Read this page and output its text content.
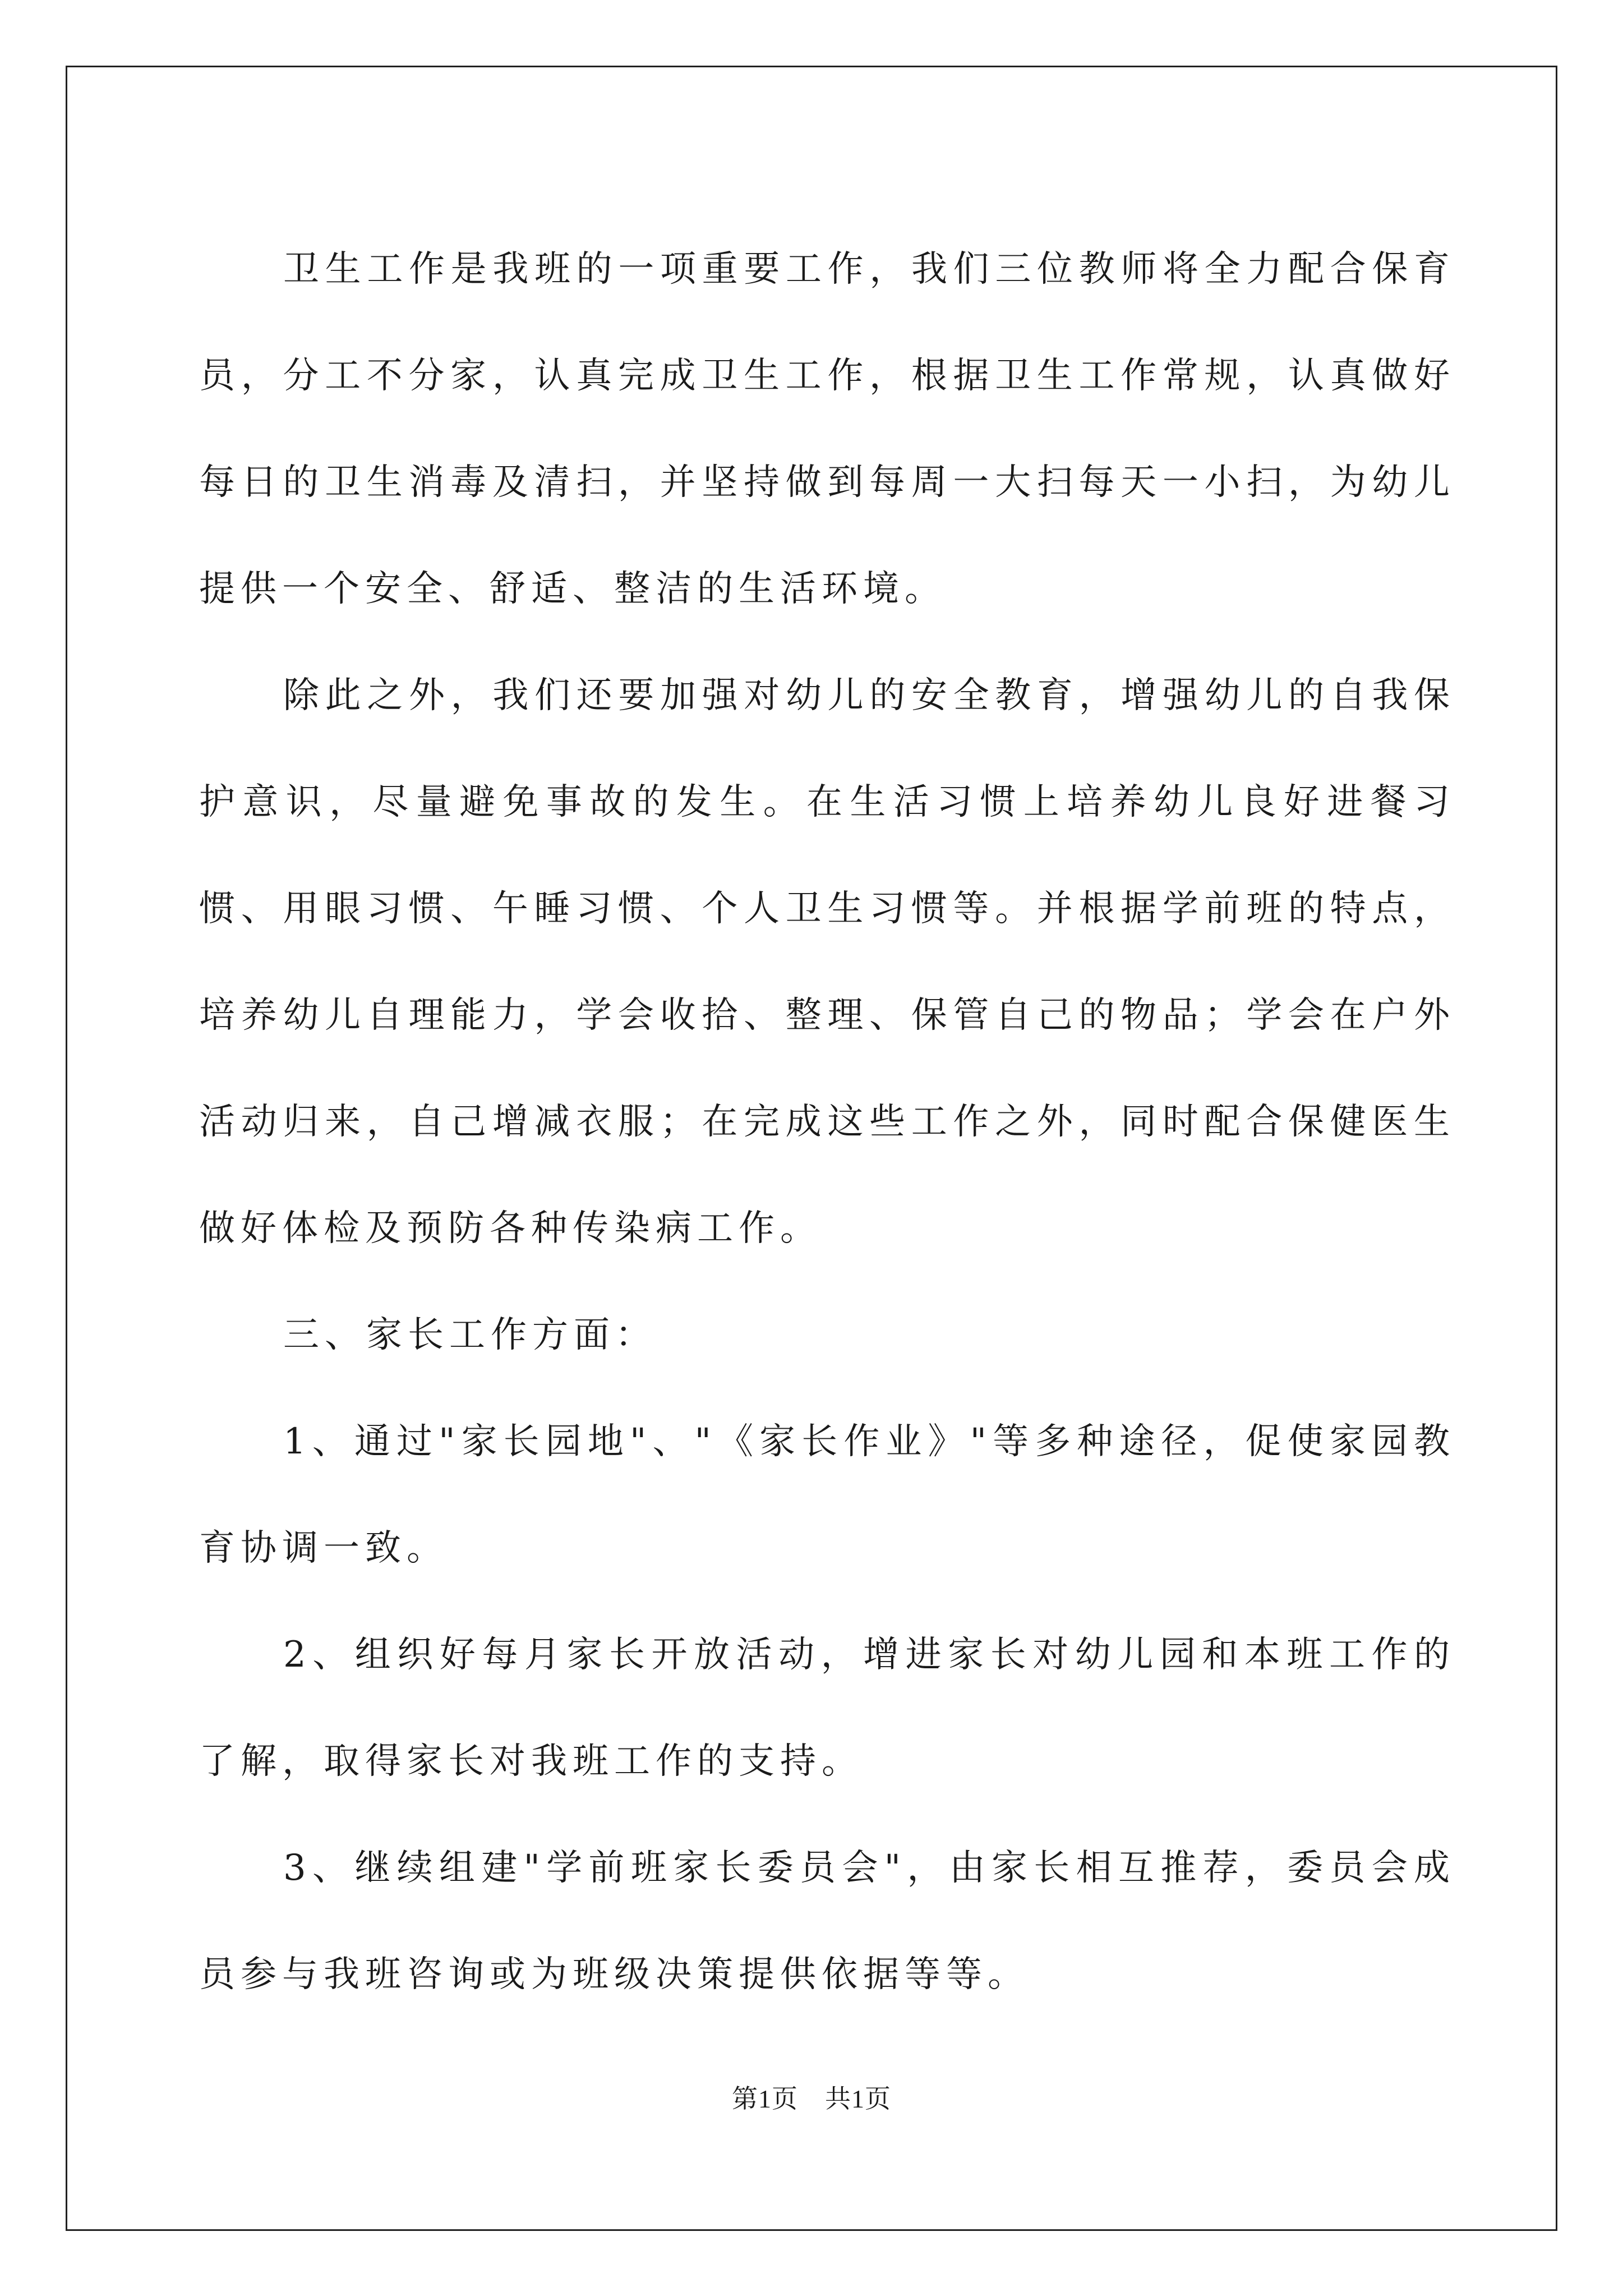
卫生工作是我班的一项重要工作，我们三位教师将全力配合保育员，分工不分家，认真完成卫生工作，根据卫生工作常规，认真做好每日的卫生消毒及清扫，并坚持做到每周一大扫每天一小扫，为幼儿提供一个安全、舒适、整洁的生活环境。

除此之外，我们还要加强对幼儿的安全教育，增强幼儿的自我保护意识，尽量避免事故的发生。在生活习惯上培养幼儿良好进餐习惯、用眼习惯、午睡习惯、个人卫生习惯等。并根据学前班的特点，培养幼儿自理能力，学会收拾、整理、保管自己的物品；学会在户外活动归来，自己增减衣服；在完成这些工作之外，同时配合保健医生做好体检及预防各种传染病工作。

三、家长工作方面：

1、通过"家长园地"、"《家长作业》"等多种途径，促使家园教育协调一致。

2、组织好每月家长开放活动，增进家长对幼儿园和本班工作的了解，取得家长对我班工作的支持。

3、继续组建"学前班家长委员会"，由家长相互推荐，委员会成员参与我班咨询或为班级决策提供依据等等。

第1页 共1页
